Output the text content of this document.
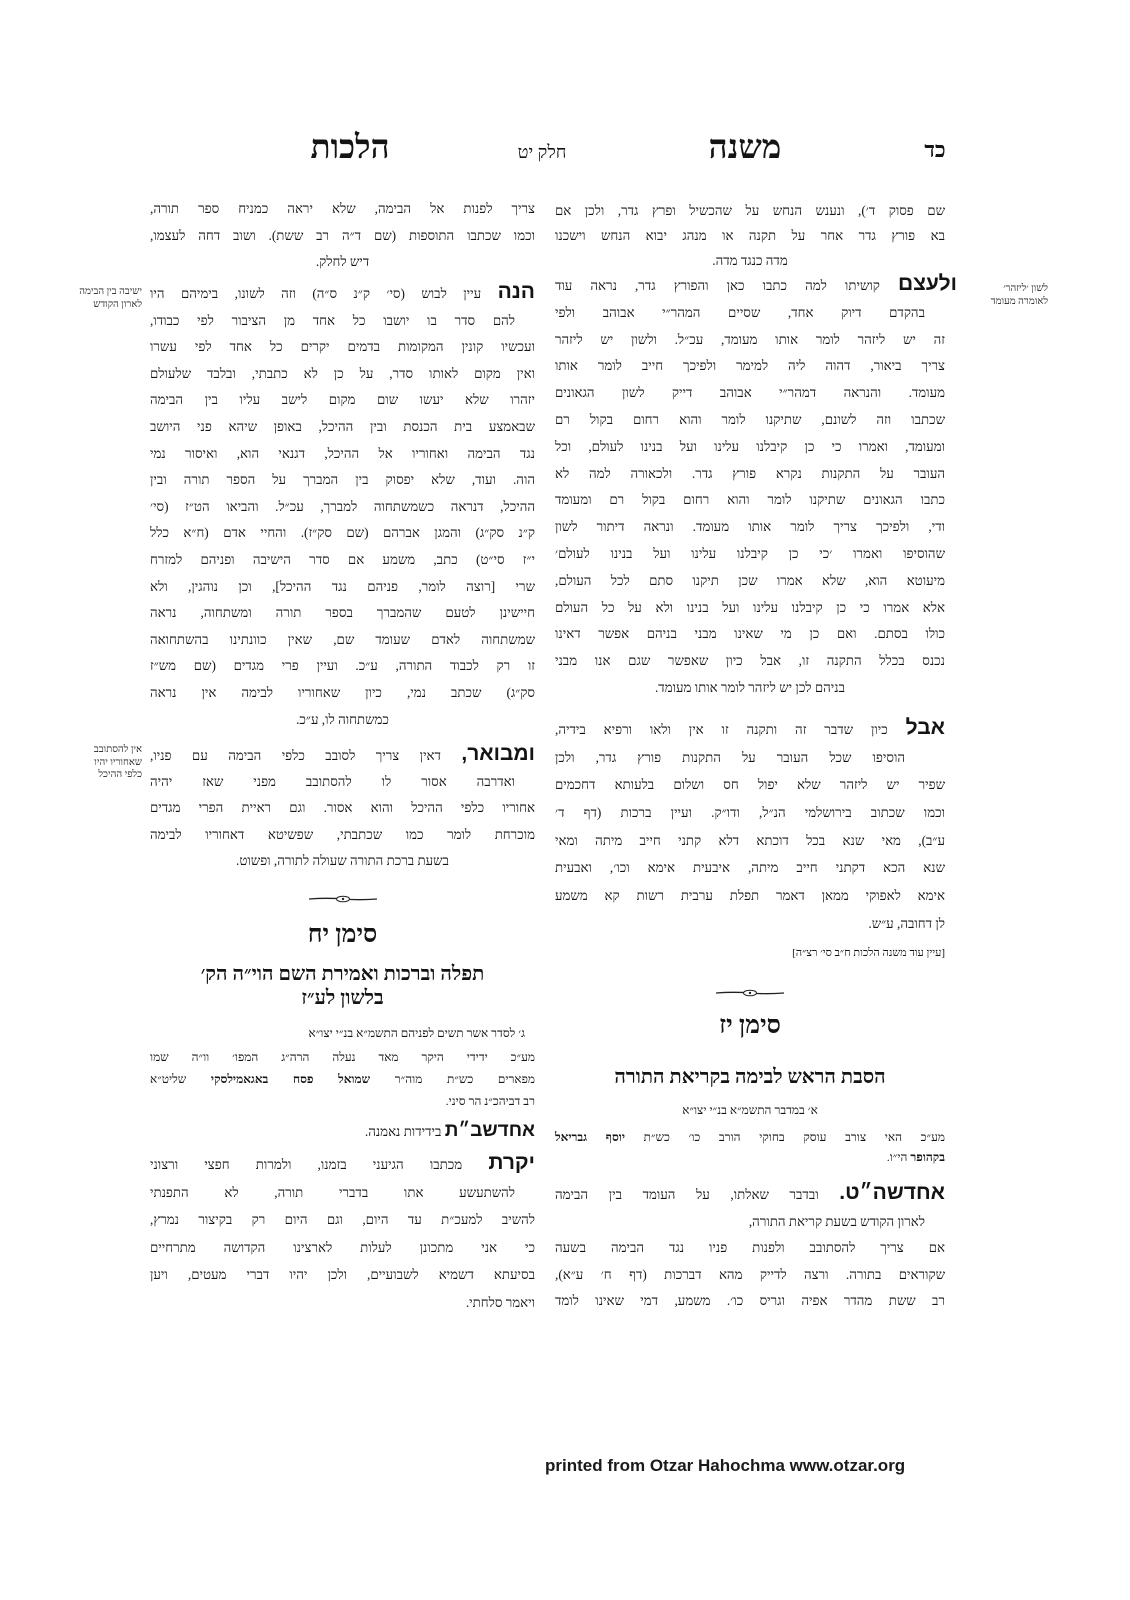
כד
משנה
חלק יט
הלכות
לשון ׳ליזהר׳
לאומרה מעומד
ישיבה בין הבימה
לארון הקודש
אין להסתובב
שאחוריו יהיו
כלפי ההיכל
שם פסוק ד׳), ונענש הנחש על שהכשיל ופרץ גדר, ולכן אם
בא פורץ גדר אחר על תקנה או מנהג יבוא הנחש וישכנו
מדה כנגד מדה.
ולעצם קושיתו למה כתבו כאן והפורץ גדר, נראה עוד
בהקדם דיוק אחד, שסיים המהר״י אבוהב ולפי
זה יש ליזהר לומר אותו מעומד, עכ״ל. ולשון יש ליזהר
צריך ביאור, דהוה ליה למימר ולפיכך חייב לומר אותו
מעומד. והנראה דמהר״י אבוהב דייק לשון הגאונים
שכתבו וזה לשונם, שתיקנו לומר והוא רחום בקול רם
ומעומד, ואמרו כי כן קיבלנו עלינו ועל בנינו לעולם, וכל
העובר על התקנות נקרא פורץ גדר. ולכאורה למה לא
כתבו הגאונים שתיקנו לומר והוא רחום בקול רם ומעומד
ודי, ולפיכך צריך לומר אותו מעומד. ונראה דיתור לשון
שהוסיפו ואמרו ׳כי כן קיבלנו עלינו ועל בנינו לעולם׳
מיעוטא הוא, שלא אמרו שכן תיקנו סתם לכל העולם,
אלא אמרו כי כן קיבלנו עלינו ועל בנינו ולא על כל העולם
כולו בסתם. ואם כן מי שאינו מבני בניהם אפשר דאינו
נכנס בכלל התקנה זו, אבל כיון שאפשר שגם אנו מבני
בניהם לכן יש ליזהר לומר אותו מעומד.
אבל כיון שדבר זה ותקנה זו אין ולאו ורפיא בידיה,
הוסיפו שכל העובר על התקנות פורץ גדר, ולכן
שפיר יש ליזהר שלא יפול חס ושלום בלעותא דחכמים
וכמו שכתוב בירושלמי הנ״ל, ודו״ק. ועיין ברכות (דף ד׳
ע״ב), מאי שנא בכל דוכתא דלא קתני חייב מיתה ומאי
שנא הכא דקתני חייב מיתה, איבעית אימא וכו׳, ואבעית
אימא לאפוקי ממאן דאמר תפלת ערבית רשות קא משמע
לן דחובה, ע״ש.
[עיין עוד משנה הלכות ח״ב סי׳ רצ״ה]
סימן יז
הסבת הראש לבימה בקריאת התורה
א׳ במדבר התשמ״א בנ״י יצו״א
מע״כ האי צורב עוסק בחוקי הורב כו׳ כש״ת יוסף גבריאל
בקהופר הי״ו.
אחדשה״ט. ובדבר שאלתו, על העומד בין הבימה
לארון הקודש בשעת קריאת התורה,
אם צריך להסתובב ולפנות פניו נגד הבימה בשעה
שקוראים בתורה. ורצה לדייק מהא דברכות (דף ח׳ ע״א),
רב ששת מהדר אפיה וגריס כו׳. משמע, דמי שאינו לומד
צריך לפנות אל הבימה, שלא יראה כמניח ספר תורה,
וכמו שכתבו התוספות (שם ד״ה רב ששת). ושוב דחה לעצמו,
דיש לחלק.
הנה עיין לבוש (סי׳ ק״נ ס״ה) וזה לשונו, בימיהם היו
להם סדר בו יושבו כל אחד מן הציבור לפי כבודו,
ועכשיו קונין המקומות בדמים יקרים כל אחד לפי עשרו
ואין מקום לאותו סדר, על כן לא כתבתי, ובלבד שלעולם
יזהרו שלא יעשו שום מקום לישב עליו בין הבימה
שבאמצע בית הכנסת ובין ההיכל, באופן שיהא פני היושב
נגד הבימה ואחוריו אל ההיכל, דגנאי הוא, ואיסור נמי
הוה. ועוד, שלא יפסוק בין המברך על הספר תורה ובין
ההיכל, דנראה כשמשתחוה למברך, עכ״ל. והביאו הט״ז (סי׳
ק״נ סק״ג) והמגן אברהם (שם סק״ז). והחיי אדם (ח״א כלל
י״ז סי״ט) כתב, משמע אם סדר הישיבה ופניהם למזרח
שרי [רוצה לומר, פניהם נגד ההיכל], וכן נוהגין, ולא
חיישינן לטעם שהמברך בספר תורה ומשתחוה, נראה
שמשתחוה לאדם שעומד שם, שאין כוונתינו בהשתחואה
זו רק לכבוד התורה, ע״כ. ועיין פרי מגדים (שם מש״ז
סק״ג) שכתב נמי, כיון שאחוריו לבימה אין נראה
כמשתחוה לו, ע״כ.
ומבואר, דאין צריך לסובב כלפי הבימה עם פניו,
ואדרבה אסור לו להסתובב מפני שאז יהיה
אחוריו כלפי ההיכל והוא אסור. וגם ראיית הפרי מגדים
מוכרחת לומר כמו שכתבתי, שפשיטא דאחוריו לבימה
בשעת ברכת התורה שעולה לתורה, ופשוט.
סימן יח
תפלה וברכות ואמירת השם הוי״ה הק׳
בלשון לע״ז
ג׳ לסדר אשר תשים לפניהם התשמ״א בנ״י יצו״א
מע״כ ידידי היקר מאד נעלה הרה״ג המפו׳ וו״ה שמו
מפארים כש״ת מוה״ר שמואל פסח באגאמילסקי שליט״א
רב דביהכ״נ הר סיני.
אחדשב״ת בידידות נאמנה.
יקרת מכתבו הגיעני בזמנו, ולמרות חפצי ורצוני
להשתעשע אתו בדברי תורה, לא התפנתי
להשיב למעכ״ת עד היום, וגם היום רק בקיצור נמרץ,
כי אני מתכונן לעלות לארצינו הקדושה מתרחיים
בסיעתא דשמיא לשבועיים, ולכן יהיו דברי מעטים, ויען
ויאמר סלחתי.
printed from Otzar Hahochma www.otzar.org
